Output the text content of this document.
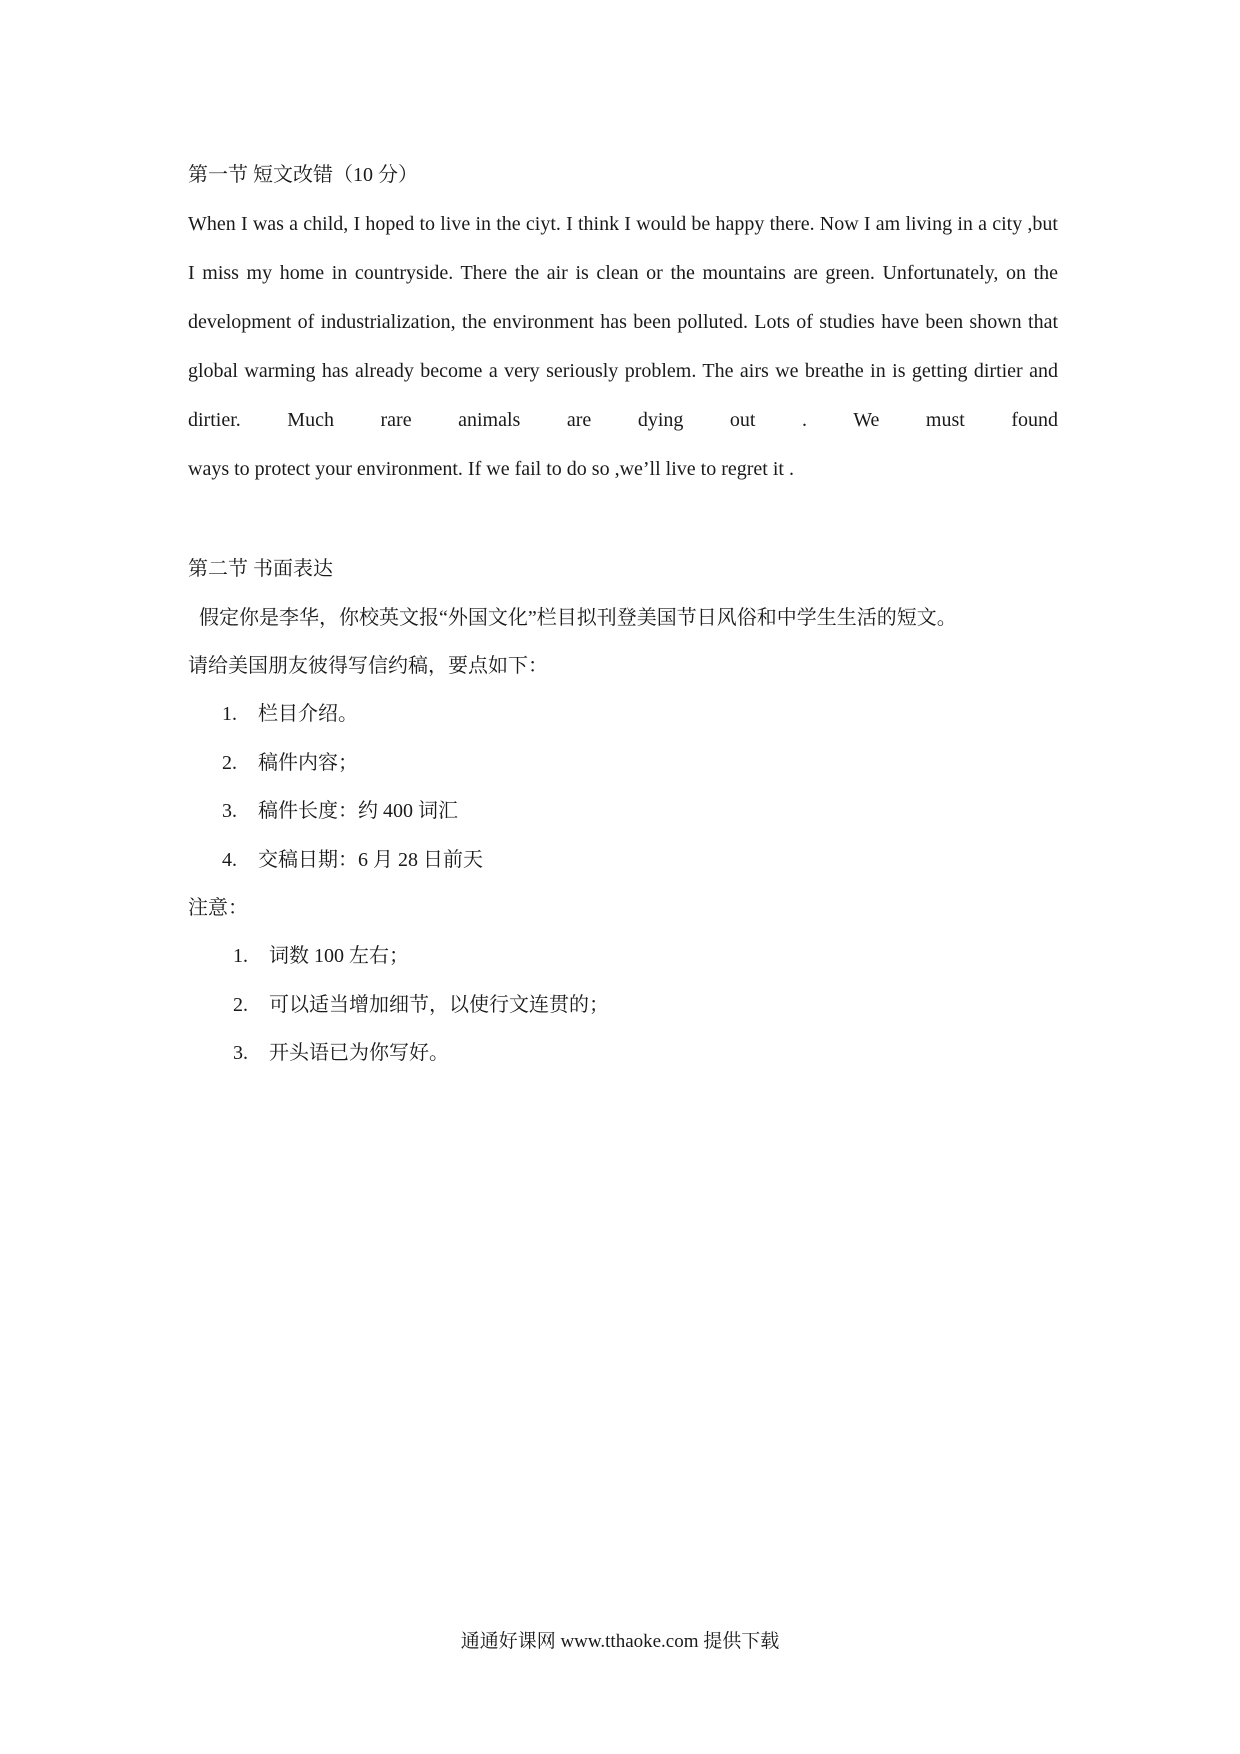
第一节 短文改错（10 分）
When I was a child, I hoped to live in the ciyt. I think I would be happy there. Now I am living in a city ,but I miss my home in countryside. There the air is clean or the mountains are green. Unfortunately, on the development of industrialization, the environment has been polluted. Lots of studies have been shown that global warming has already become a very seriously problem. The airs we breathe in is getting dirtier and dirtier. Much rare animals are dying out . We must found
ways to protect your environment. If we fail to do so ,we’ll live to regret it .
第二节 书面表达
假定你是李华，你校英文报“外国文化”栏目拟刊登美国节日风俗和中学生生活的短文。
请给美国朋友彼得写信约稿，要点如下：
1. 栏目介绍。
2. 稿件内容；
3. 稿件长度：约 400 词汇
4. 交稿日期：6 月 28 日前天
注意：
1. 词数 100 左右；
2. 可以适当增加细节，以使行文连贯的；
3. 开头语已为你写好。
通通好课网 www.tthaoke.com 提供下载
